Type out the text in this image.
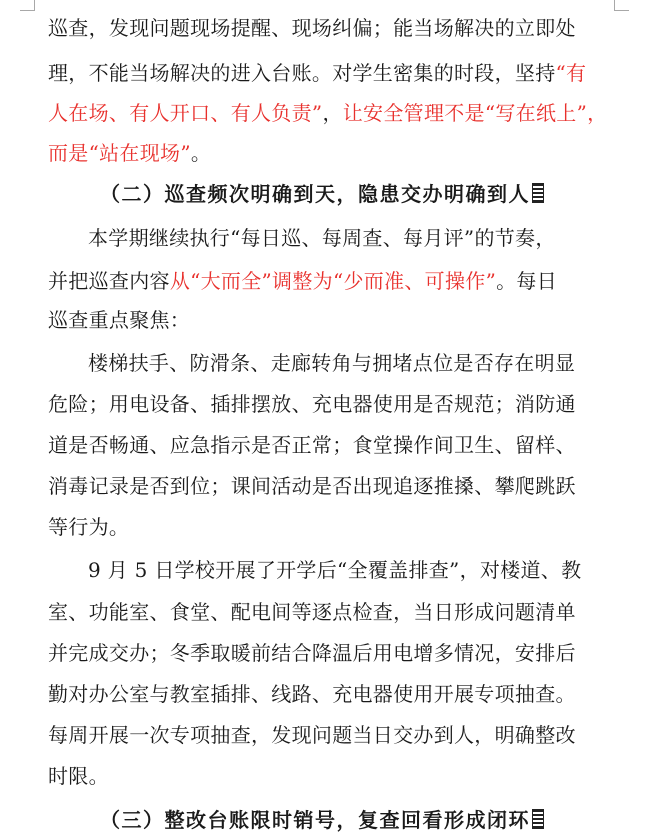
巡查，发现问题现场提醒、现场纠偏；能当场解决的立即处
理，不能当场解决的进入台账。对学生密集的时段，坚持“有
人在场、有人开口、有人负责”，让安全管理不是“写在纸上”，
而是“站在现场”。
（二）巡查频次明确到天，隐患交办明确到人
本学期继续执行“每日巡、每周查、每月评”的节奏，
并把巡查内容从“大而全”调整为“少而准、可操作”。每日
巡查重点聚焦：
楼梯扶手、防滑条、走廊转角与拥堵点位是否存在明显
危险；用电设备、插排摆放、充电器使用是否规范；消防通
道是否畅通、应急指示是否正常；食堂操作间卫生、留样、
消毒记录是否到位；课间活动是否出现追逐推搡、攀爬跳跃
等行为。
9 月 5 日学校开展了开学后“全覆盖排查”，对楼道、教
室、功能室、食堂、配电间等逐点检查，当日形成问题清单
并完成交办；冬季取暖前结合降温后用电增多情况，安排后
勤对办公室与教室插排、线路、充电器使用开展专项抽查。
每周开展一次专项抽查，发现问题当日交办到人，明确整改
时限。
（三）整改台账限时销号，复查回看形成闭环
